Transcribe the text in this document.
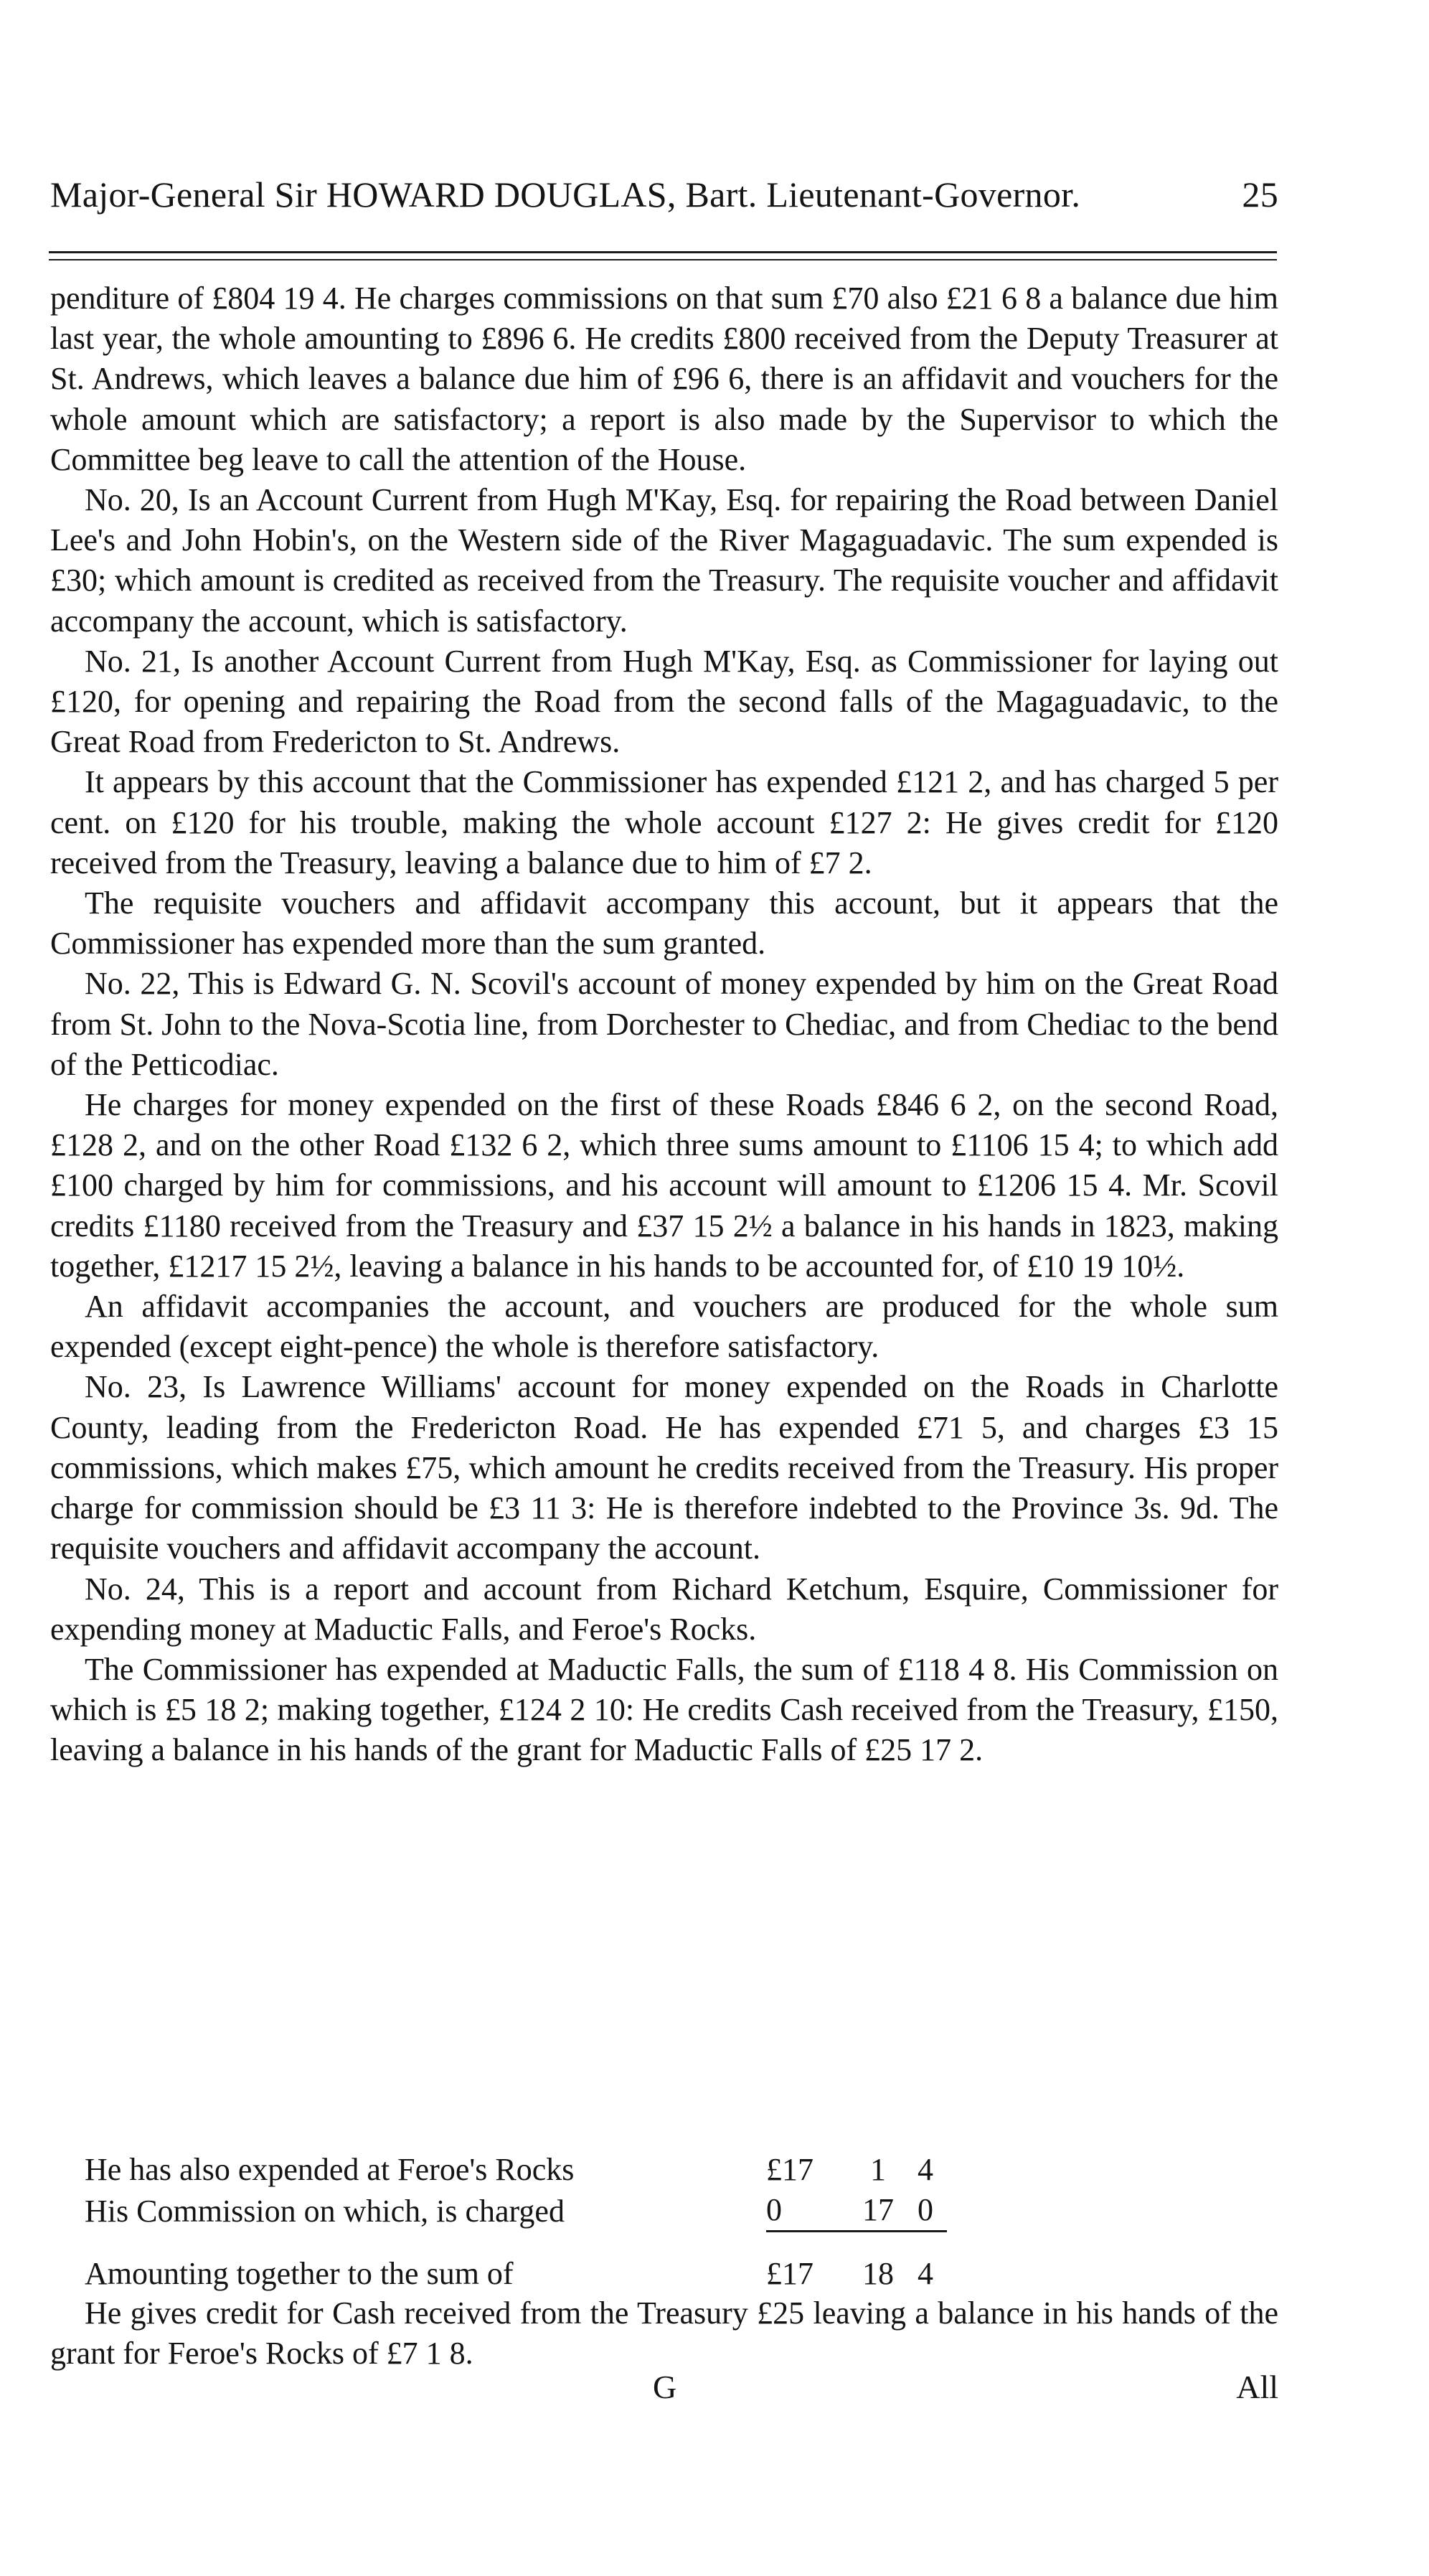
Major-General Sir HOWARD DOUGLAS, Bart. Lieutenant-Governor.	25

penditure of £804 19 4. He charges commissions on that sum £70 also £21 6 8 a balance due him last year, the whole amounting to £896 6. He credits £800 received from the Deputy Treasurer at St. Andrews, which leaves a balance due him of £96 6, there is an affidavit and vouchers for the whole amount which are satisfactory; a report is also made by the Supervisor to which the Committee beg leave to call the attention of the House.

No. 20, Is an Account Current from Hugh M'Kay, Esq. for repairing the Road between Daniel Lee's and John Hobin's, on the Western side of the River Magaguadavic. The sum expended is £30; which amount is credited as received from the Treasury. The requisite voucher and affidavit accompany the account, which is satisfactory.

No. 21, Is another Account Current from Hugh M'Kay, Esq. as Commissioner for laying out £120, for opening and repairing the Road from the second falls of the Magaguadavic, to the Great Road from Fredericton to St. Andrews.

It appears by this account that the Commissioner has expended £121 2, and has charged 5 per cent. on £120 for his trouble, making the whole account £127 2: He gives credit for £120 received from the Treasury, leaving a balance due to him of £7 2.

The requisite vouchers and affidavit accompany this account, but it appears that the Commissioner has expended more than the sum granted.

No. 22, This is Edward G. N. Scovil's account of money expended by him on the Great Road from St. John to the Nova-Scotia line, from Dorchester to Chediac, and from Chediac to the bend of the Petticodiac.

He charges for money expended on the first of these Roads £846 6 2, on the second Road, £128 2, and on the other Road £132 6 2, which three sums amount to £1106 15 4; to which add £100 charged by him for commissions, and his account will amount to £1206 15 4. Mr. Scovil credits £1180 received from the Treasury and £37 15 2½ a balance in his hands in 1823, making together, £1217 15 2½, leaving a balance in his hands to be accounted for, of £10 19 10½.

An affidavit accompanies the account, and vouchers are produced for the whole sum expended (except eight-pence) the whole is therefore satisfactory.

No. 23, Is Lawrence Williams' account for money expended on the Roads in Charlotte County, leading from the Fredericton Road. He has expended £71 5, and charges £3 15 commissions, which makes £75, which amount he credits received from the Treasury. His proper charge for commission should be £3 11 3: He is therefore indebted to the Province 3s. 9d. The requisite vouchers and affidavit accompany the account.

No. 24, This is a report and account from Richard Ketchum, Esquire, Commissioner for expending money at Maductic Falls, and Feroe's Rocks.

The Commissioner has expended at Maductic Falls, the sum of £118 4 8. His Commission on which is £5 18 2; making together, £124 2 10: He credits Cash received from the Treasury, £150, leaving a balance in his hands of the grant for Maductic Falls of £25 17 2.

He has also expended at Feroe's Rocks	£17	1	4
His Commission on which, is charged	0	17	0

Amounting together to the sum of	£17	18	4

He gives credit for Cash received from the Treasury £25 leaving a balance in his hands of the grant for Feroe's Rocks of £7 1 8.

G	All
